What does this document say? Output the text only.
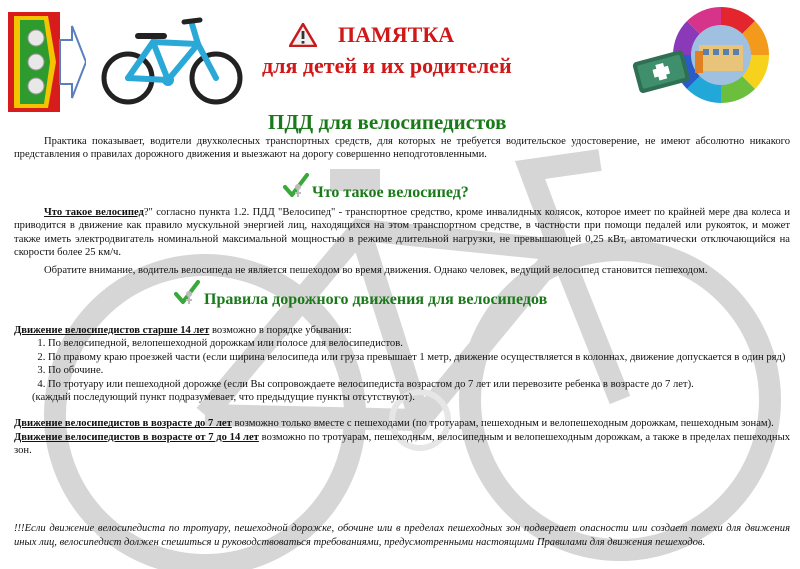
ПАМЯТКА
для детей и их родителей
ПДД для велосипедистов

Практика показывает, водители двухколесных транспортных средств, для которых не требуется водительское удостоверение, не имеют абсолютно никакого представления о правилах дорожного движения и выезжают на дорогу совершенно неподготовленными.

Что такое велосипед?

Что такое велосипед?" согласно пункта 1.2. ПДД "Велосипед" - транспортное средство, кроме инвалидных колясок, которое имеет по крайней мере два колеса и приводится в движение как правило мускульной энергией лиц, находящихся на этом транспортном средстве, в частности при помощи педалей или рукояток, и может также иметь электродвигатель номинальной максимальной мощностью в режиме длительной нагрузки, не превышающей 0,25 кВт, автоматически отключающийся на скорости более 25 км/ч.

Обратите внимание, водитель велосипеда не является пешеходом во время движения. Однако человек, ведущий велосипед становится пешеходом.

Правила дорожного движения для велосипедов

Движение велосипедистов старше 14 лет возможно в порядке убывания:

1. По велосипедной, велопешеходной дорожкам или полосе для велосипедистов.
2. По правому краю проезжей части (если ширина велосипеда или груза превышает 1 метр, движение осуществляется в колоннах, движение допускается в один ряд)
3. По обочине.
4. По тротуару или пешеходной дорожке (если Вы сопровождаете велосипедиста возрастом до 7 лет или перевозите ребенка в возрасте до 7 лет).

(каждый последующий пункт подразумевает, что предыдущие пункты отсутствуют).

Движение велосипедистов в возрасте до 7 лет возможно только вместе с пешеходами (по тротуарам, пешеходным и велопешеходным дорожкам, пешеходным зонам).

Движение велосипедистов в возрасте от 7 до 14 лет возможно по тротуарам, пешеходным, велосипедным и велопешеходным дорожкам, а также в пределах пешеходных зон.

!!!Если движение велосипедиста по тротуару, пешеходной дорожке, обочине или в пределах пешеходных зон подвергает опасности или создает помехи для движения иных лиц, велосипедист должен спешиться и руководствоваться требованиями, предусмотренными настоящими Правилами для движения пешеходов.
